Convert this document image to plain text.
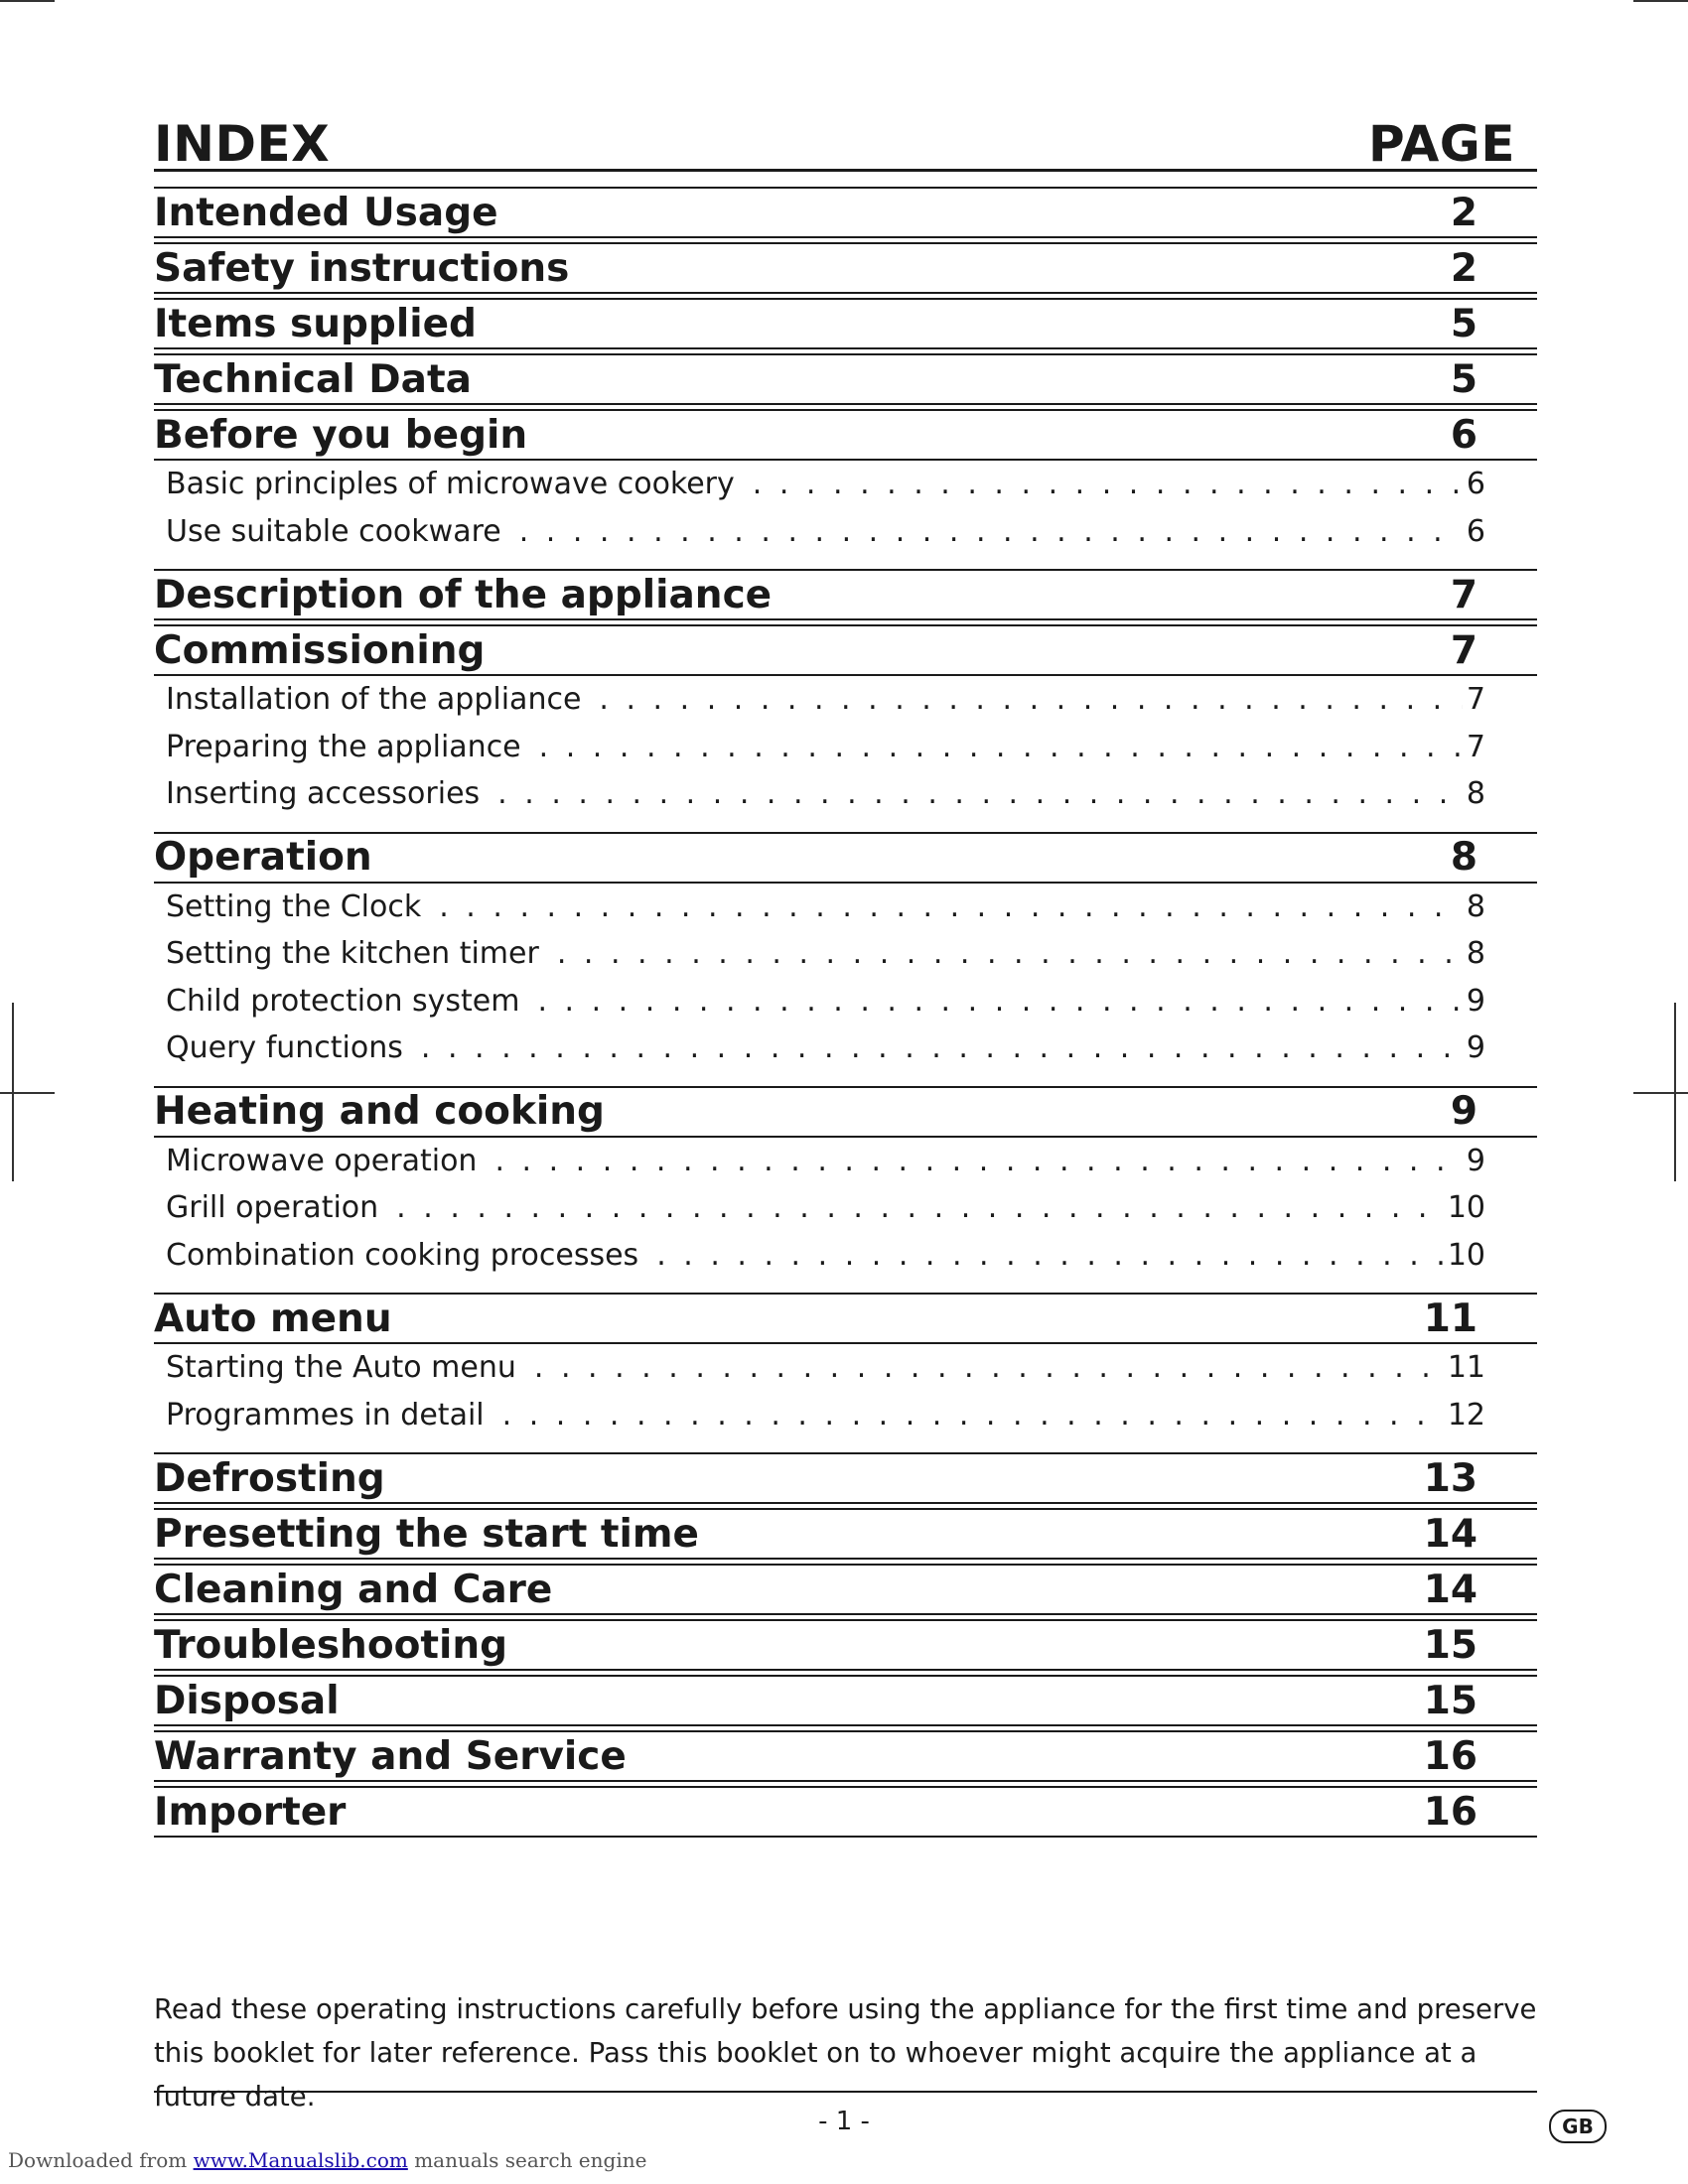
INDEX	PAGE
Intended Usage	2
Safety instructions	2
Items supplied	5
Technical Data	5
Before you begin	6
Basic principles of microwave cookery . . .	6
Use suitable cookware . . .	6
Description of the appliance	7
Commissioning	7
Installation of the appliance . . .	7
Preparing the appliance . . .	7
Inserting accessories . . .	8
Operation	8
Setting the Clock . . .	8
Setting the kitchen timer . . .	8
Child protection system . . .	9
Query functions . . .	9
Heating and cooking	9
Microwave operation . . .	9
Grill operation . . .	10
Combination cooking processes . . .	10
Auto menu	11
Starting the Auto menu . . .	11
Programmes in detail . . .	12
Defrosting	13
Presetting the start time	14
Cleaning and Care	14
Troubleshooting	15
Disposal	15
Warranty and Service	16
Importer	16
Read these operating instructions carefully before using the appliance for the first time and preserve this booklet for later reference. Pass this booklet on to whoever might acquire the appliance at a future date.
- 1 -	GB
Downloaded from www.Manualslib.com manuals search engine
